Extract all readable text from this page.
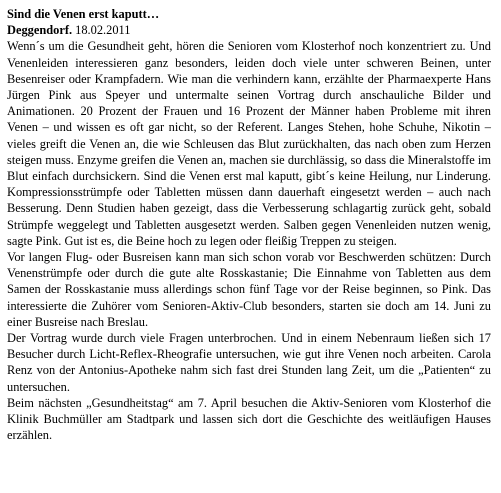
Sind die Venen erst kaputt…
Deggendorf. 18.02.2011

Wenn´s um die Gesundheit geht, hören die Senioren vom Klosterhof noch konzentriert zu. Und Venenleiden interessieren ganz besonders, leiden doch viele unter schweren Beinen, unter Besenreiser oder Krampfadern. Wie man die verhindern kann, erzählte der Pharmaexperte Hans Jürgen Pink aus Speyer und untermalte seinen Vortrag durch anschauliche Bilder und Animationen. 20 Prozent der Frauen und 16 Prozent der Männer haben Probleme mit ihren Venen – und wissen es oft gar nicht, so der Referent. Langes Stehen, hohe Schuhe, Nikotin – vieles greift die Venen an, die wie Schleusen das Blut zurückhalten, das nach oben zum Herzen steigen muss. Enzyme greifen die Venen an, machen sie durchlässig, so dass die Mineralstoffe im Blut einfach durchsickern. Sind die Venen erst mal kaputt, gibt´s keine Heilung, nur Linderung. Kompressionsstrümpfe oder Tabletten müssen dann dauerhaft eingesetzt werden – auch nach Besserung. Denn Studien haben gezeigt, dass die Verbesserung schlagartig zurück geht, sobald Strümpfe weggelegt und Tabletten ausgesetzt werden. Salben gegen Venenleiden nutzen wenig, sagte Pink. Gut ist es, die Beine hoch zu legen oder fleißig Treppen zu steigen.

Vor langen Flug- oder Busreisen kann man sich schon vorab vor Beschwerden schützen: Durch Venenstrümpfe oder durch die gute alte Rosskastanie; Die Einnahme von Tabletten aus dem Samen der Rosskastanie muss allerdings schon fünf Tage vor der Reise beginnen, so Pink. Das interessierte die Zuhörer vom Senioren-Aktiv-Club besonders, starten sie doch am 14. Juni zu einer Busreise nach Breslau.

Der Vortrag wurde durch viele Fragen unterbrochen. Und in einem Nebenraum ließen sich 17 Besucher durch Licht-Reflex-Rheografie untersuchen, wie gut ihre Venen noch arbeiten. Carola Renz von der Antonius-Apotheke nahm sich fast drei Stunden lang Zeit, um die „Patienten“ zu untersuchen.

Beim nächsten „Gesundheitstag“ am 7. April besuchen die Aktiv-Senioren vom Klosterhof die Klinik Buchmüller am Stadtpark und lassen sich dort die Geschichte des weitläufigen Hauses erzählen.
